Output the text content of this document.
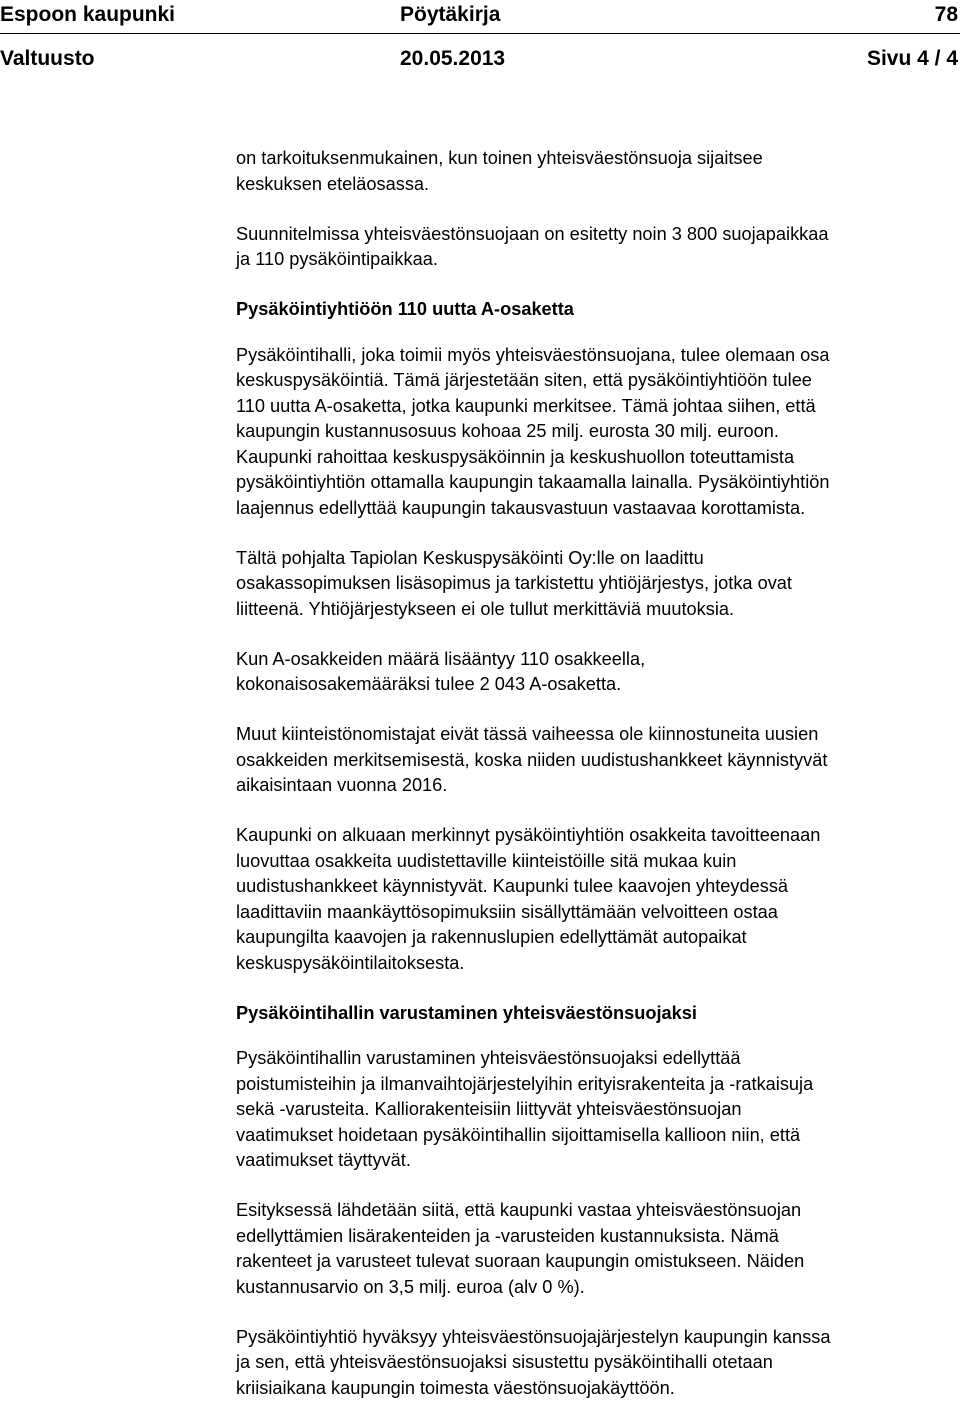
Espoon kaupunki	Pöytäkirja	78
Valtuusto	20.05.2013	Sivu 4 / 4

on tarkoituksenmukainen, kun toinen yhteisväestönsuoja sijaitsee
keskuksen eteläosassa.

Suunnitelmissa yhteisväestönsuojaan on esitetty noin 3 800 suojapaikkaa
ja 110 pysäköintipaikkaa.

Pysäköintiyhtiöön 110 uutta A-osaketta

Pysäköintihalli, joka toimii myös yhteisväestönsuojana, tulee olemaan osa
keskuspysäköintiä. Tämä järjestetään siten, että pysäköintiyhtiöön tulee
110 uutta A-osaketta, jotka kaupunki merkitsee. Tämä johtaa siihen, että
kaupungin kustannusosuus kohoaa 25 milj. eurosta 30 milj. euroon.
Kaupunki rahoittaa keskuspysäköinnin ja keskushuollon toteuttamista
pysäköintiyhtiön ottamalla kaupungin takaamalla lainalla. Pysäköintiyhtiön
laajennus edellyttää kaupungin takausvastuun vastaavaa korottamista.

Tältä pohjalta Tapiolan Keskuspysäköinti Oy:lle on laadittu
osakassopimuksen lisäsopimus ja tarkistettu yhtiöjärjestys, jotka ovat
liitteenä. Yhtiöjärjestykseen ei ole tullut merkittäviä muutoksia.

Kun A-osakkeiden määrä lisääntyy 110 osakkeella,
kokonaisosakemääräksi tulee 2 043 A-osaketta.

Muut kiinteistönomistajat eivät tässä vaiheessa ole kiinnostuneita uusien
osakkeiden merkitsemisestä, koska niiden uudistushankkeet käynnistyvät
aikaisintaan vuonna 2016.

Kaupunki on alkuaan merkinnyt pysäköintiyhtiön osakkeita tavoitteenaan
luovuttaa osakkeita uudistettaville kiinteistöille sitä mukaa kuin
uudistushankkeet käynnistyvät. Kaupunki tulee kaavojen yhteydessä
laadittaviin maankäyttösopimuksiin sisällyttämään velvoitteen ostaa
kaupungilta kaavojen ja rakennuslupien edellyttämät autopaikat
keskuspysäköintilaitoksesta.

Pysäköintihallin varustaminen yhteisväestönsuojaksi

Pysäköintihallin varustaminen yhteisväestönsuojaksi edellyttää
poistumisteihin ja ilmanvaihtojärjestelyihin erityisrakenteita ja -ratkaisuja
sekä -varusteita. Kalliorakenteisiin liittyvät yhteisväestönsuojan
vaatimukset hoidetaan pysäköintihallin sijoittamisella kallioon niin, että
vaatimukset täyttyvät.

Esityksessä lähdetään siitä, että kaupunki vastaa yhteisväestönsuojan
edellyttämien lisärakenteiden ja -varusteiden kustannuksista. Nämä
rakenteet ja varusteet tulevat suoraan kaupungin omistukseen. Näiden
kustannusarvio on 3,5 milj. euroa (alv 0 %).

Pysäköintiyhtiö hyväksyy yhteisväestönsuojajärjestelyn kaupungin kanssa
ja sen, että yhteisväestönsuojaksi sisustettu pysäköintihalli otetaan
kriisiaikana kaupungin toimesta väestönsuojakäyttöön.
